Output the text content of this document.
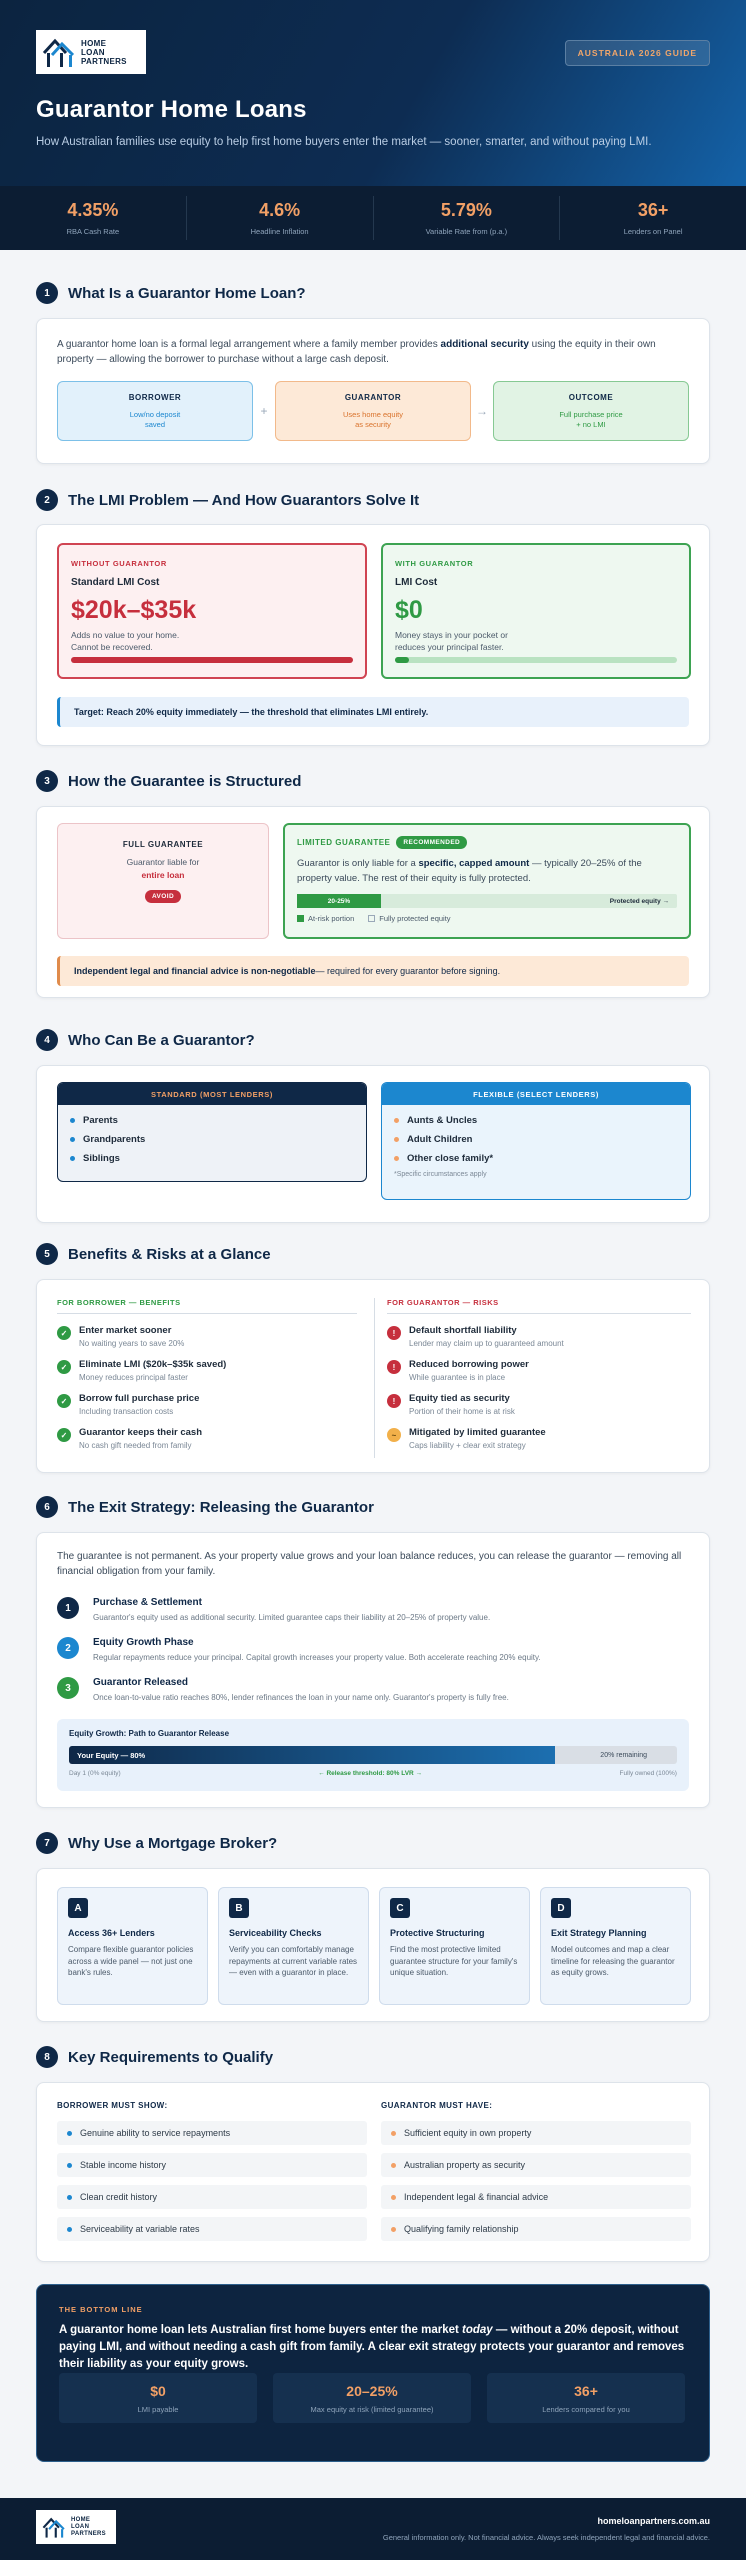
HOME
LOAN
PARTNERS
AUSTRALIA 2026 GUIDE
Guarantor Home Loans

How Australian families use equity to help first home buyers enter the market — sooner, smarter, and without paying LMI.

4.35%
RBA Cash Rate
4.6%
Headline Inflation
5.79%
Variable Rate from (p.a.)
36+
Lenders on Panel
1	What Is a Guarantor Home Loan?
A guarantor home loan is a formal legal arrangement where a family member provides additional security using the equity in their own property — allowing the borrower to purchase without a large cash deposit.
BORROWER
Low/no deposit
saved
+
GUARANTOR
Uses home equity
as security
→
OUTCOME
Full purchase price
+ no LMI
2	The LMI Problem — And How Guarantors Solve It
WITHOUT GUARANTOR
Standard LMI Cost
$20k–$35k
Adds no value to your home.
Cannot be recovered.
WITH GUARANTOR
LMI Cost
$0
Money stays in your pocket or
reduces your principal faster.
Target: Reach 20% equity immediately — the threshold that eliminates LMI entirely.
3	How the Guarantee is Structured
FULL GUARANTEE
Guarantor liable for
entire loan
AVOID
LIMITED GUARANTEE	RECOMMENDED
Guarantor is only liable for a specific, capped amount — typically 20–25% of the property value. The rest of their equity is fully protected.
20-25%	Protected equity →
At-risk portion	Fully protected equity
Independent legal and financial advice is non-negotiable — required for every guarantor before signing.
4	Who Can Be a Guarantor?
STANDARD (MOST LENDERS)
Parents
Grandparents
Siblings
FLEXIBLE (SELECT LENDERS)
Aunts & Uncles
Adult Children
Other close family*
*Specific circumstances apply
5	Benefits & Risks at a Glance
FOR BORROWER — BENEFITS	FOR GUARANTOR — RISKS
✓	Enter market sooner
No waiting years to save 20%
✓	Eliminate LMI ($20k–$35k saved)
Money reduces principal faster
✓	Borrow full purchase price
Including transaction costs
✓	Guarantor keeps their cash
No cash gift needed from family
!	Default shortfall liability
Lender may claim up to guaranteed amount
!	Reduced borrowing power
While guarantee is in place
!	Equity tied as security
Portion of their home is at risk
~	Mitigated by limited guarantee
Caps liability + clear exit strategy
6	The Exit Strategy: Releasing the Guarantor
The guarantee is not permanent. As your property value grows and your loan balance reduces, you can release the guarantor — removing all financial obligation from your family.
1	Purchase & Settlement
Guarantor's equity used as additional security. Limited guarantee caps their liability at 20–25% of property value.
2	Equity Growth Phase
Regular repayments reduce your principal. Capital growth increases your property value. Both accelerate reaching 20% equity.
3	Guarantor Released
Once loan-to-value ratio reaches 80%, lender refinances the loan in your name only. Guarantor's property is fully free.
Equity Growth: Path to Guarantor Release
Your Equity — 80%	20% remaining
Day 1 (0% equity)	← Release threshold: 80% LVR →	Fully owned (100%)
7	Why Use a Mortgage Broker?
A
Access 36+ Lenders
Compare flexible guarantor policies across a wide panel — not just one bank's rules.
B
Serviceability Checks
Verify you can comfortably manage repayments at current variable rates — even with a guarantor in place.
C
Protective Structuring
Find the most protective limited guarantee structure for your family's unique situation.
D
Exit Strategy Planning
Model outcomes and map a clear timeline for releasing the guarantor as equity grows.
8	Key Requirements to Qualify
BORROWER MUST SHOW:	GUARANTOR MUST HAVE:
Genuine ability to service repayments
Stable income history
Clean credit history
Serviceability at variable rates
Sufficient equity in own property
Australian property as security
Independent legal & financial advice
Qualifying family relationship
THE BOTTOM LINE
A guarantor home loan lets Australian first home buyers enter the market today — without a 20% deposit, without paying LMI, and without needing a cash gift from family. A clear exit strategy protects your guarantor and removes their liability as your equity grows.
$0
LMI payable
20–25%
Max equity at risk (limited guarantee)
36+
Lenders compared for you
HOME
LOAN
PARTNERS
homeloanpartners.com.au
General information only. Not financial advice. Always seek independent legal and financial advice.
